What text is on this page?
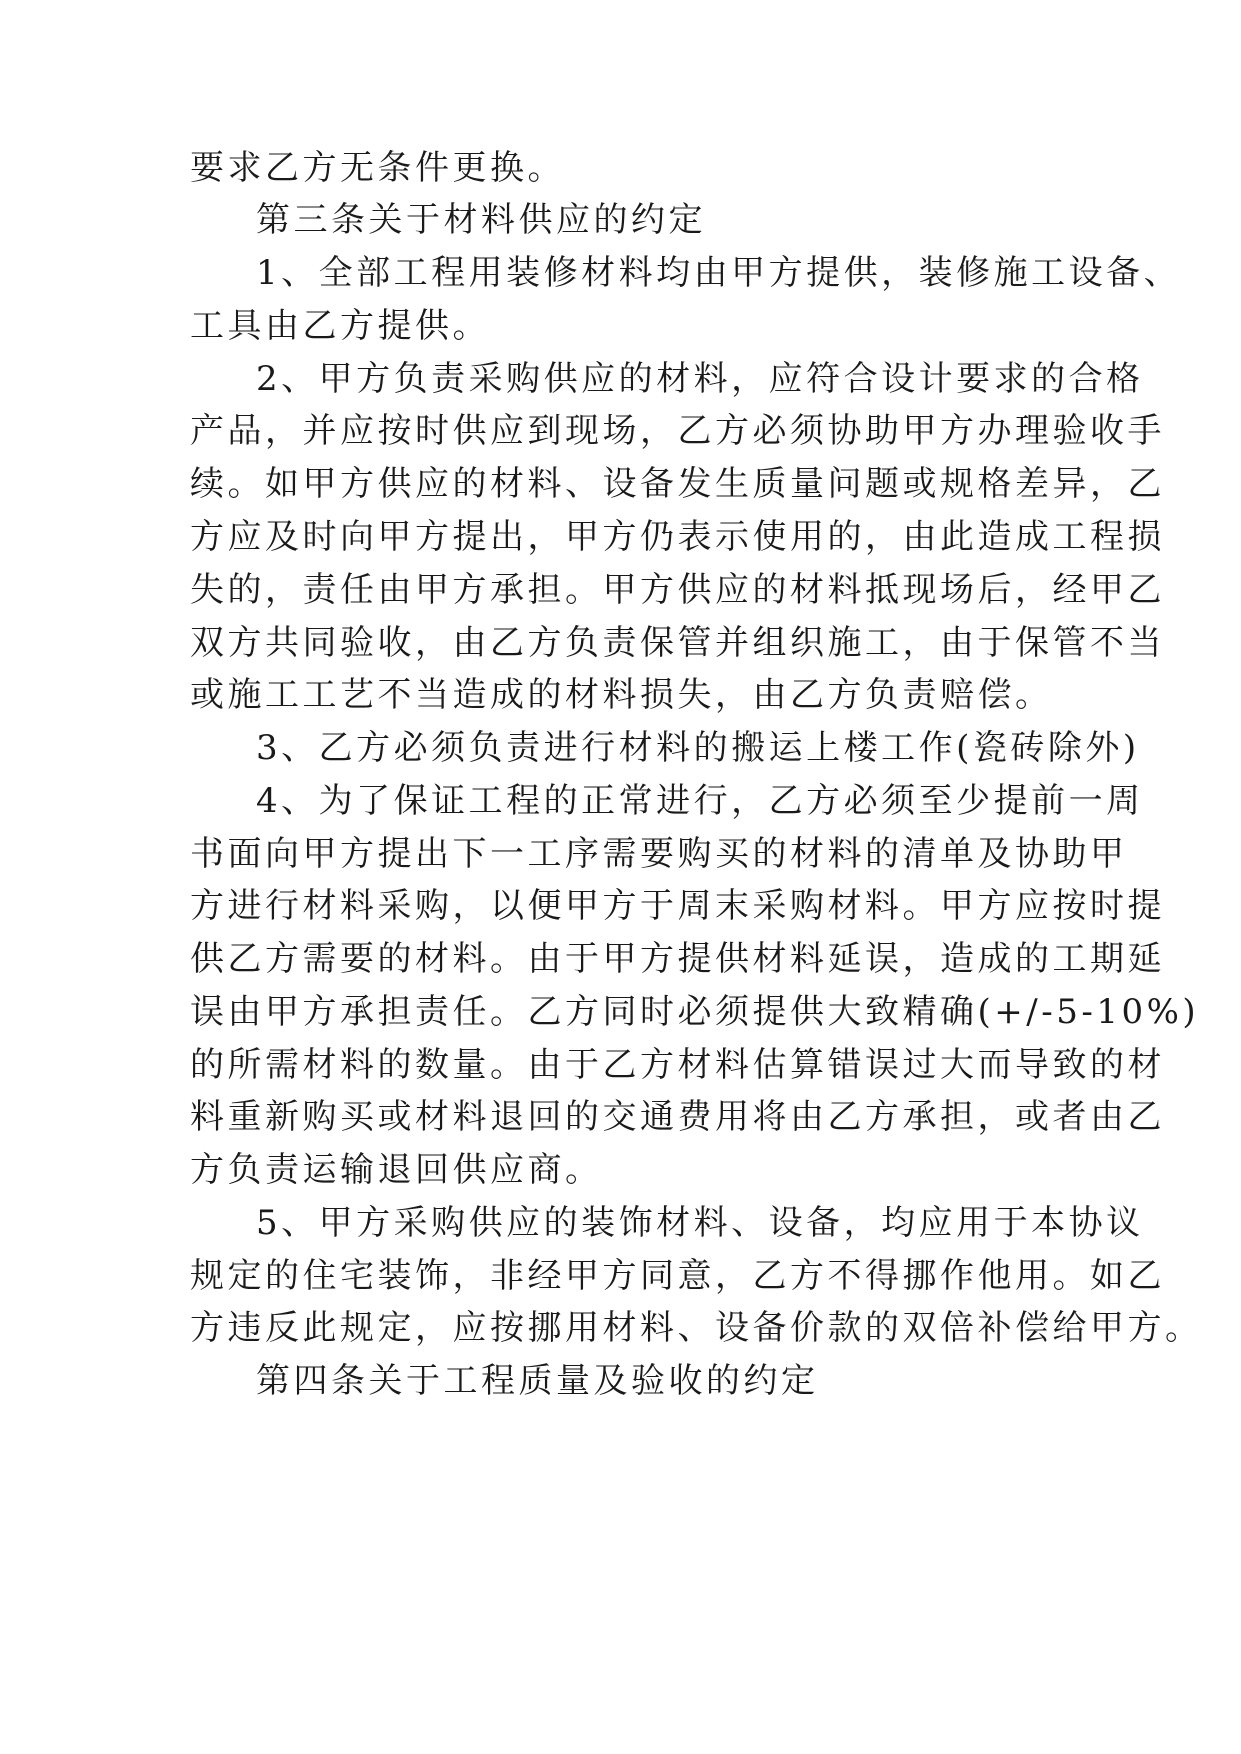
要求乙方无条件更换。
第三条关于材料供应的约定
1、全部工程用装修材料均由甲方提供，装修施工设备、
工具由乙方提供。
2、甲方负责采购供应的材料，应符合设计要求的合格
产品，并应按时供应到现场，乙方必须协助甲方办理验收手
续。如甲方供应的材料、设备发生质量问题或规格差异，乙
方应及时向甲方提出，甲方仍表示使用的，由此造成工程损
失的，责任由甲方承担。甲方供应的材料抵现场后，经甲乙
双方共同验收，由乙方负责保管并组织施工，由于保管不当
或施工工艺不当造成的材料损失，由乙方负责赔偿。
3、乙方必须负责进行材料的搬运上楼工作(瓷砖除外)
4、为了保证工程的正常进行，乙方必须至少提前一周
书面向甲方提出下一工序需要购买的材料的清单及协助甲
方进行材料采购，以便甲方于周末采购材料。甲方应按时提
供乙方需要的材料。由于甲方提供材料延误，造成的工期延
误由甲方承担责任。乙方同时必须提供大致精确(+/-5-10%)
的所需材料的数量。由于乙方材料估算错误过大而导致的材
料重新购买或材料退回的交通费用将由乙方承担，或者由乙
方负责运输退回供应商。
5、甲方采购供应的装饰材料、设备，均应用于本协议
规定的住宅装饰，非经甲方同意，乙方不得挪作他用。如乙
方违反此规定，应按挪用材料、设备价款的双倍补偿给甲方。
第四条关于工程质量及验收的约定
